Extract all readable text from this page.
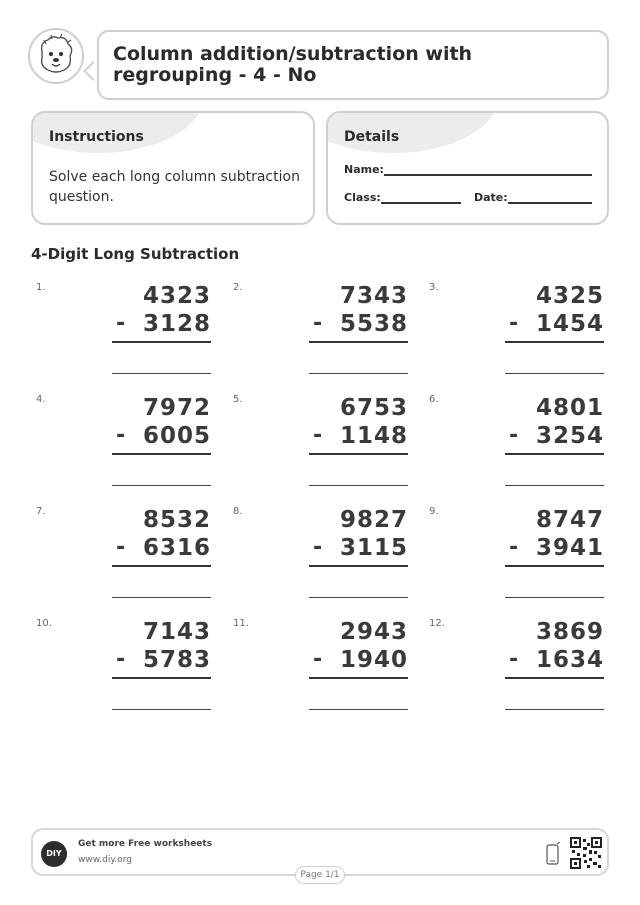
Column addition/subtraction with regrouping - 4 - No
Instructions
Solve each long column subtraction question.
Details
Name:
Class:	Date:
4-Digit Long Subtraction
1.	4323
- 3128
2.	7343
- 5538
3.	4325
- 1454
4.	7972
- 6005
5.	6753
- 1148
6.	4801
- 3254
7.	8532
- 6316
8.	9827
- 3115
9.	8747
- 3941
10.	7143
- 5783
11.	2943
- 1940
12.	3869
- 1634
DIY
Get more Free worksheets
www.diy.org
Page 1/1
